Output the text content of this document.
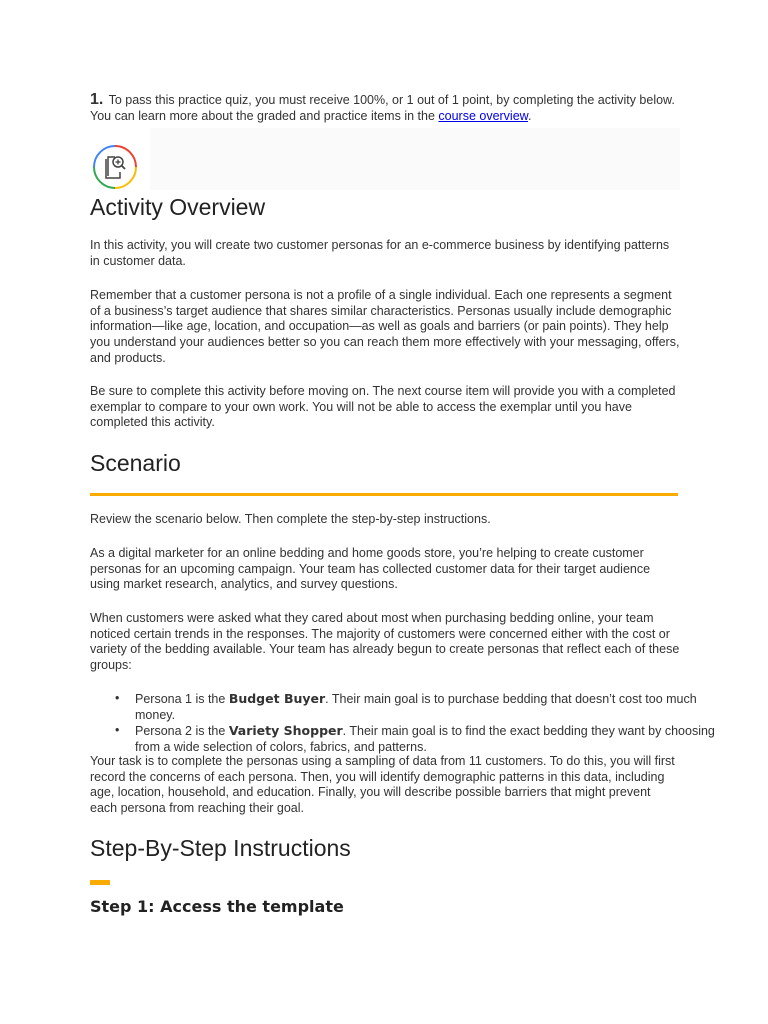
1. To pass this practice quiz, you must receive 100%, or 1 out of 1 point, by completing the activity below. You can learn more about the graded and practice items in the course overview.
Activity Overview

In this activity, you will create two customer personas for an e-commerce business by identifying patterns in customer data.

Remember that a customer persona is not a profile of a single individual. Each one represents a segment of a business’s target audience that shares similar characteristics. Personas usually include demographic information—like age, location, and occupation—as well as goals and barriers (or pain points). They help you understand your audiences better so you can reach them more effectively with your messaging, offers, and products.

Be sure to complete this activity before moving on. The next course item will provide you with a completed exemplar to compare to your own work. You will not be able to access the exemplar until you have completed this activity.

Scenario

Review the scenario below. Then complete the step-by-step instructions.

As a digital marketer for an online bedding and home goods store, you’re helping to create customer personas for an upcoming campaign. Your team has collected customer data for their target audience using market research, analytics, and survey questions.

When customers were asked what they cared about most when purchasing bedding online, your team noticed certain trends in the responses. The majority of customers were concerned either with the cost or variety of the bedding available. Your team has already begun to create personas that reflect each of these groups:

• Persona 1 is the Budget Buyer. Their main goal is to purchase bedding that doesn’t cost too much money.
• Persona 2 is the Variety Shopper. Their main goal is to find the exact bedding they want by choosing from a wide selection of colors, fabrics, and patterns.

Your task is to complete the personas using a sampling of data from 11 customers. To do this, you will first record the concerns of each persona. Then, you will identify demographic patterns in this data, including age, location, household, and education. Finally, you will describe possible barriers that might prevent each persona from reaching their goal.

Step-By-Step Instructions
Step 1: Access the template
